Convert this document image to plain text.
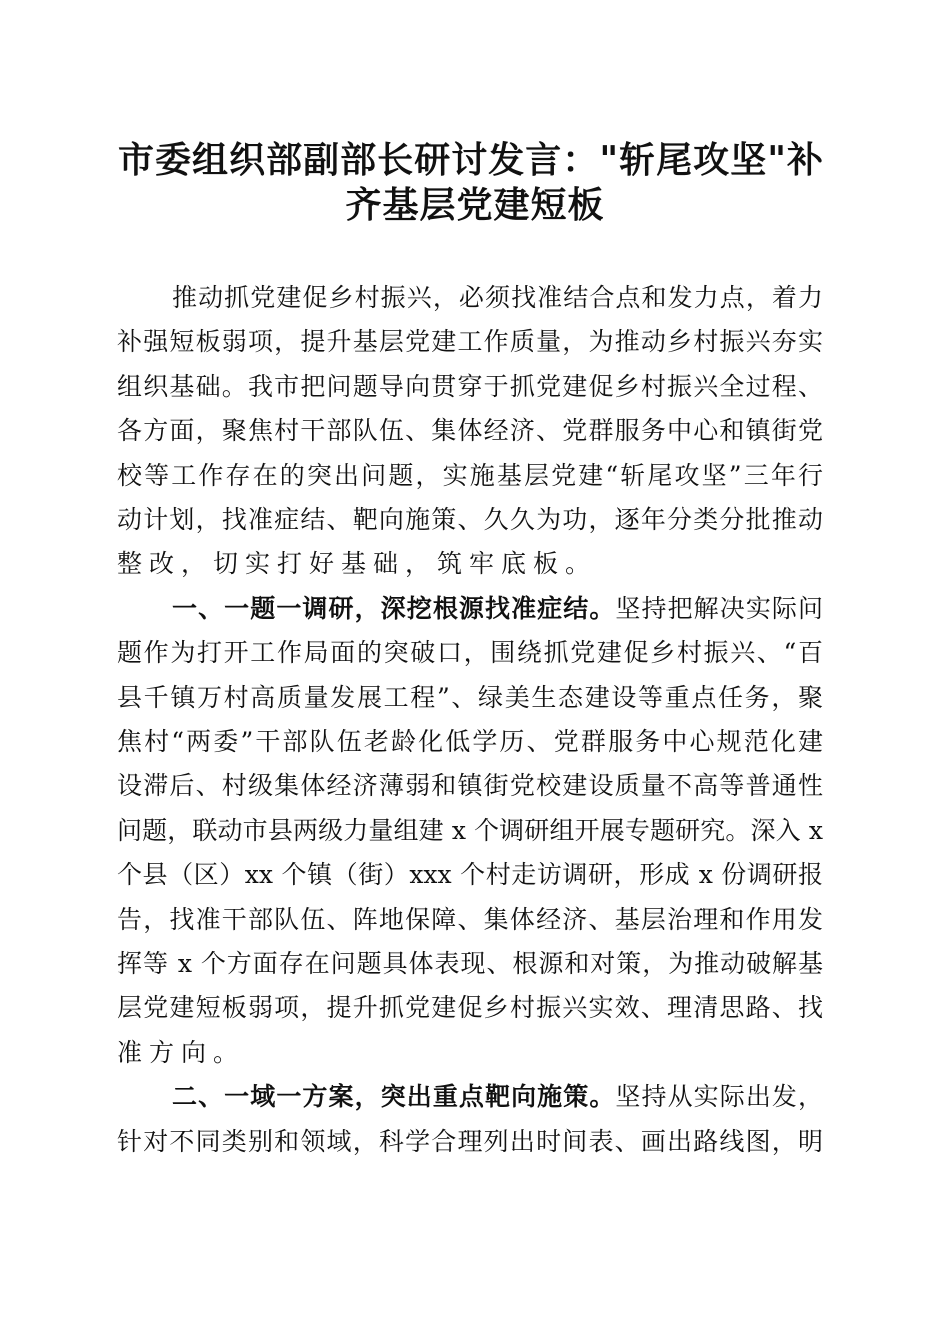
市委组织部副部长研讨发言："斩尾攻坚"补
齐基层党建短板
推动抓党建促乡村振兴，必须找准结合点和发力点，着力
补强短板弱项，提升基层党建工作质量，为推动乡村振兴夯实
组织基础。我市把问题导向贯穿于抓党建促乡村振兴全过程、
各方面，聚焦村干部队伍、集体经济、党群服务中心和镇街党
校等工作存在的突出问题，实施基层党建“斩尾攻坚”三年行
动计划，找准症结、靶向施策、久久为功，逐年分类分批推动
整改，切实打好基础，筑牢底板。
一、一题一调研，深挖根源找准症结。坚持把解决实际问
题作为打开工作局面的突破口，围绕抓党建促乡村振兴、“百
县千镇万村高质量发展工程”、绿美生态建设等重点任务，聚
焦村“两委”干部队伍老龄化低学历、党群服务中心规范化建
设滞后、村级集体经济薄弱和镇街党校建设质量不高等普通性
问题，联动市县两级力量组建 x 个调研组开展专题研究。深入 x
个县（区）xx 个镇（街）xxx 个村走访调研，形成 x 份调研报
告，找准干部队伍、阵地保障、集体经济、基层治理和作用发
挥等 x 个方面存在问题具体表现、根源和对策，为推动破解基
层党建短板弱项，提升抓党建促乡村振兴实效、理清思路、找
准方向。
二、一域一方案，突出重点靶向施策。坚持从实际出发，
针对不同类别和领域，科学合理列出时间表、画出路线图，明
